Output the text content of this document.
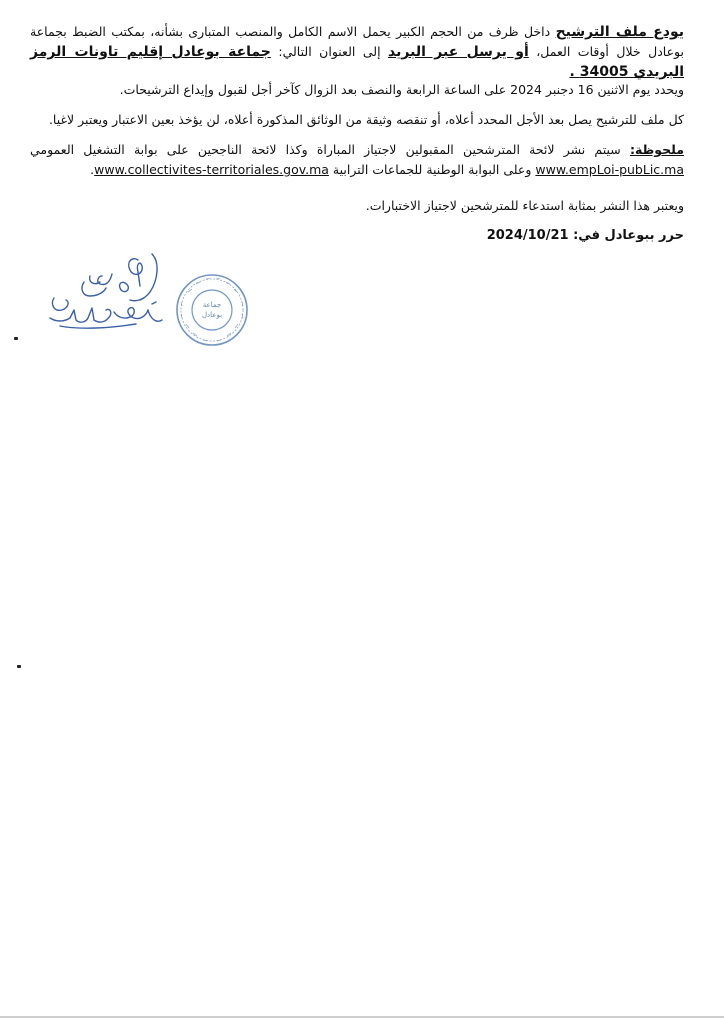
يودع ملف الترشيح داخل ظرف من الحجم الكبير يحمل الاسم الكامل والمنصب المتبارى بشأنه، بمكتب الضبط بجماعة بوعادل خلال أوقات العمل، أو يرسل عبر البريد إلى العنوان التالي: جماعة بوعادل إقليم تاونات الرمز البريدي 34005 .
ويحدد يوم الاثنين 16 دجنبر 2024 على الساعة الرابعة والنصف بعد الزوال كآخر أجل لقبول وإيداع الترشيحات.
كل ملف للترشيح يصل بعد الأجل المحدد أعلاه، أو تنقصه وثيقة من الوثائق المذكورة أعلاه، لن يؤخذ بعين الاعتبار ويعتبر لاغيا.
ملحوظة: سيتم نشر لائحة المترشحين المقبولين لاجتياز المباراة وكذا لائحة الناجحين على بوابة التشغيل العمومي www.empLoi-pubLic.ma وعلى البوابة الوطنية للجماعات الترابية www.collectivites-territoriales.gov.ma.
ويعتبر هذا النشر بمثابة استدعاء للمترشحين لاجتياز الاختبارات.
حرر ببوعادل في: 2024/10/21
جماعة
بوعادل
